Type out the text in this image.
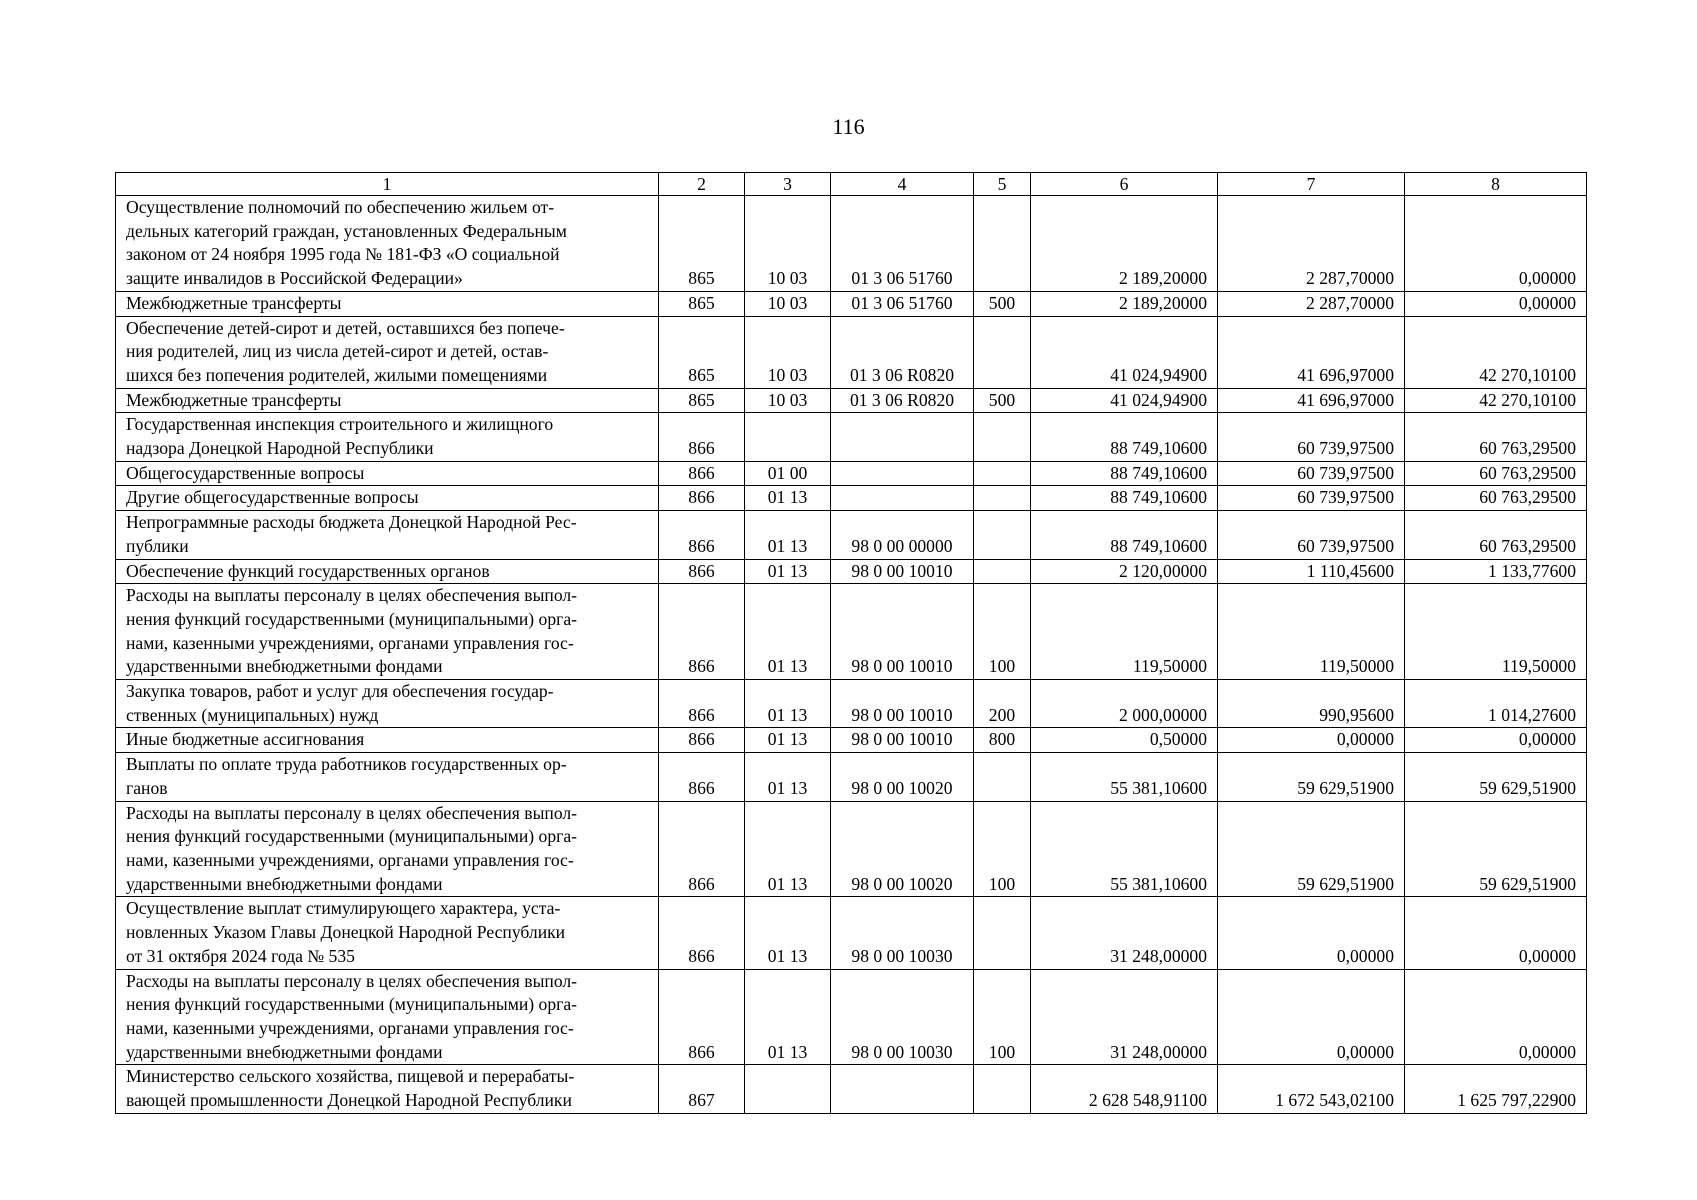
116
1	2	3	4	5	6	7	8
Осуществление полномочий по обеспечению жильем от-
дельных категорий граждан, установленных Федеральным
законом от 24 ноября 1995 года № 181-ФЗ «О социальной
защите инвалидов в Российской Федерации»	865	10 03	01 3 06 51760		2 189,20000	2 287,70000	0,00000
Межбюджетные трансферты	865	10 03	01 3 06 51760	500	2 189,20000	2 287,70000	0,00000
Обеспечение детей-сирот и детей, оставшихся без попече-
ния родителей, лиц из числа детей-сирот и детей, остав-
шихся без попечения родителей, жилыми помещениями	865	10 03	01 3 06 R0820		41 024,94900	41 696,97000	42 270,10100
Межбюджетные трансферты	865	10 03	01 3 06 R0820	500	41 024,94900	41 696,97000	42 270,10100
Государственная инспекция строительного и жилищного
надзора Донецкой Народной Республики	866				88 749,10600	60 739,97500	60 763,29500
Общегосударственные вопросы	866	01 00			88 749,10600	60 739,97500	60 763,29500
Другие общегосударственные вопросы	866	01 13			88 749,10600	60 739,97500	60 763,29500
Непрограммные расходы бюджета Донецкой Народной Рес-
публики	866	01 13	98 0 00 00000		88 749,10600	60 739,97500	60 763,29500
Обеспечение функций государственных органов	866	01 13	98 0 00 10010		2 120,00000	1 110,45600	1 133,77600
Расходы на выплаты персоналу в целях обеспечения выпол-
нения функций государственными (муниципальными) орга-
нами, казенными учреждениями, органами управления гос-
ударственными внебюджетными фондами	866	01 13	98 0 00 10010	100	119,50000	119,50000	119,50000
Закупка товаров, работ и услуг для обеспечения государ-
ственных (муниципальных) нужд	866	01 13	98 0 00 10010	200	2 000,00000	990,95600	1 014,27600
Иные бюджетные ассигнования	866	01 13	98 0 00 10010	800	0,50000	0,00000	0,00000
Выплаты по оплате труда работников государственных ор-
ганов	866	01 13	98 0 00 10020		55 381,10600	59 629,51900	59 629,51900
Расходы на выплаты персоналу в целях обеспечения выпол-
нения функций государственными (муниципальными) орга-
нами, казенными учреждениями, органами управления гос-
ударственными внебюджетными фондами	866	01 13	98 0 00 10020	100	55 381,10600	59 629,51900	59 629,51900
Осуществление выплат стимулирующего характера, уста-
новленных Указом Главы Донецкой Народной Республики
от 31 октября 2024 года № 535	866	01 13	98 0 00 10030		31 248,00000	0,00000	0,00000
Расходы на выплаты персоналу в целях обеспечения выпол-
нения функций государственными (муниципальными) орга-
нами, казенными учреждениями, органами управления гос-
ударственными внебюджетными фондами	866	01 13	98 0 00 10030	100	31 248,00000	0,00000	0,00000
Министерство сельского хозяйства, пищевой и перерабаты-
вающей промышленности Донецкой Народной Республики	867				2 628 548,91100	1 672 543,02100	1 625 797,22900
